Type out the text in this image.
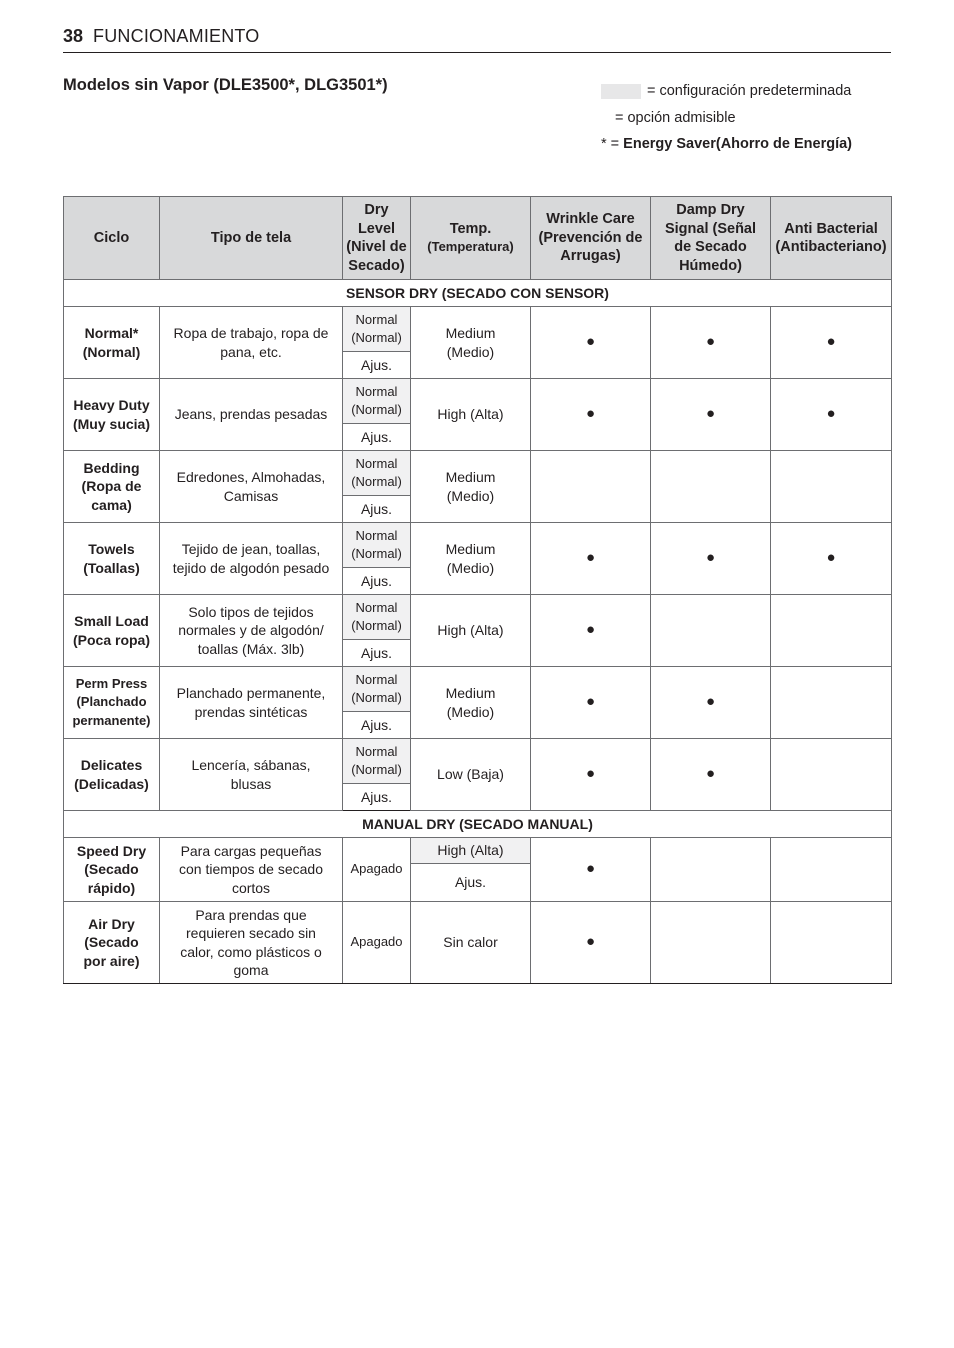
38 FUNCIONAMIENTO
Modelos sin Vapor (DLE3500*, DLG3501*)	= configuración predeterminada
= opción admisible
* =
Energy Saver(Ahorro de Energía)
Ciclo	Tipo de tela	Dry
Level
(Nivel de
Secado)	Temp.
(Temperatura)	Wrinkle Care
(Prevención de
Arrugas)	Damp Dry
Signal (Señal
de Secado
Húmedo)	Anti Bacterial
(Antibacteriano)
SENSOR DRY (SECADO CON SENSOR)						
Normal*
(Normal)	Ropa de trabajo, ropa de
pana, etc.	Normal
(Normal)	Medium
(Medio)	●	●	●
		Ajus.				
Heavy Duty
(Muy sucia)	Jeans, prendas pesadas	Normal
(Normal)	High (Alta)	●	●	●
		Ajus.				
Bedding
(Ropa de
cama)	Edredones, Almohadas,
Camisas	Normal
(Normal)	Medium
(Medio)			
		Ajus.				
Towels
(Toallas)	Tejido de jean, toallas,
tejido de algodón pesado	Normal
(Normal)	Medium
(Medio)	●	●	●
		Ajus.				
Small Load
(Poca ropa)	Solo tipos de tejidos
normales y de algodón/
toallas (Máx. 3lb)	Normal
(Normal)	High (Alta)	●		
		Ajus.				
Perm Press
(Planchado
permanente)	Planchado permanente,
prendas sintéticas	Normal
(Normal)	Medium
(Medio)	●	●	
		Ajus.				
Delicates
(Delicadas)	Lencería, sábanas,
blusas	Normal
(Normal)	Low (Baja)	●	●	
		Ajus.				
MANUAL DRY (SECADO MANUAL)						
Speed Dry
(Secado
rápido)	Para cargas pequeñas
con tiempos de secado
cortos	Apagado	High (Alta)	●		
			Ajus.			
Air Dry
(Secado
por aire)	Para prendas que
requieren secado sin
calor, como plásticos o
goma	Apagado	Sin calor	●		
